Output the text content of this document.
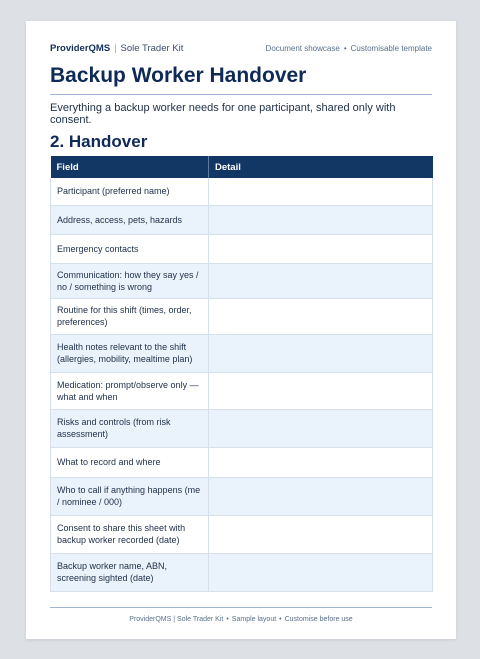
ProviderQMS | Sole Trader Kit	Document showcase • Customisable template
Backup Worker Handover

Everything a backup worker needs for one participant, shared only with consent.

2. Handover
Field	Detail
Participant (preferred name)	
Address, access, pets, hazards	
Emergency contacts	
Communication: how they say yes / no / something is wrong	
Routine for this shift (times, order, preferences)	
Health notes relevant to the shift (allergies, mobility, mealtime plan)	
Medication: prompt/observe only — what and when	
Risks and controls (from risk assessment)	
What to record and where	
Who to call if anything happens (me / nominee / 000)	
Consent to share this sheet with backup worker recorded (date)	
Backup worker name, ABN, screening sighted (date)	
ProviderQMS | Sole Trader Kit • Sample layout • Customise before use
